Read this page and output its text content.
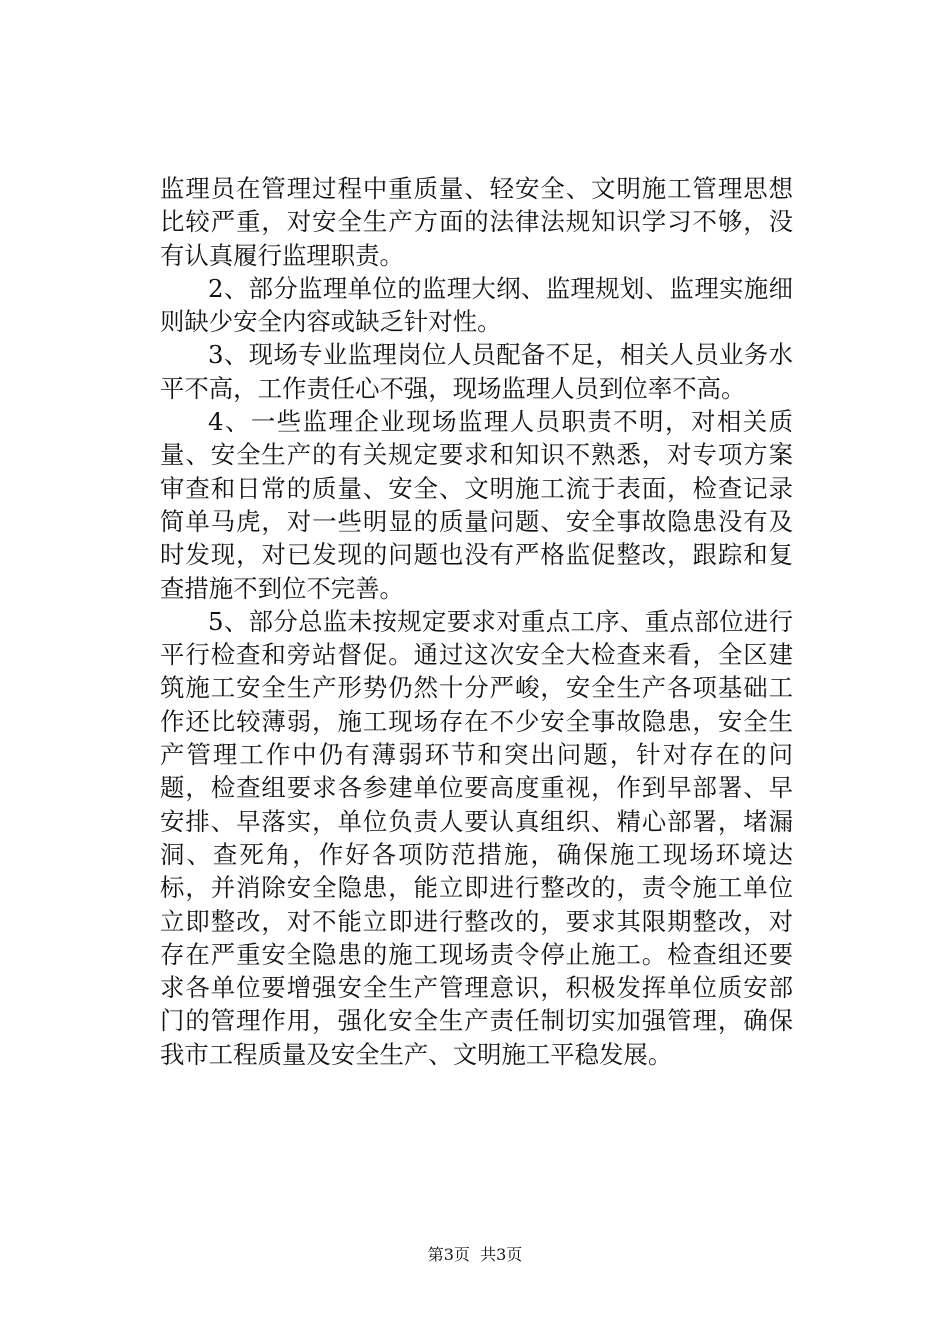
监理员在管理过程中重质量、轻安全、文明施工管理思想比较严重，对安全生产方面的法律法规知识学习不够，没有认真履行监理职责。

2、部分监理单位的监理大纲、监理规划、监理实施细则缺少安全内容或缺乏针对性。

3、现场专业监理岗位人员配备不足，相关人员业务水平不高，工作责任心不强，现场监理人员到位率不高。

4、一些监理企业现场监理人员职责不明，对相关质量、安全生产的有关规定要求和知识不熟悉，对专项方案审查和日常的质量、安全、文明施工流于表面，检查记录简单马虎，对一些明显的质量问题、安全事故隐患没有及时发现，对已发现的问题也没有严格监促整改，跟踪和复查措施不到位不完善。

5、部分总监未按规定要求对重点工序、重点部位进行平行检查和旁站督促。通过这次安全大检查来看，全区建筑施工安全生产形势仍然十分严峻，安全生产各项基础工作还比较薄弱，施工现场存在不少安全事故隐患，安全生产管理工作中仍有薄弱环节和突出问题，针对存在的问题，检查组要求各参建单位要高度重视，作到早部署、早安排、早落实，单位负责人要认真组织、精心部署，堵漏洞、查死角，作好各项防范措施，确保施工现场环境达标，并消除安全隐患，能立即进行整改的，责令施工单位立即整改，对不能立即进行整改的，要求其限期整改，对存在严重安全隐患的施工现场责令停止施工。检查组还要求各单位要增强安全生产管理意识，积极发挥单位质安部门的管理作用，强化安全生产责任制切实加强管理，确保我市工程质量及安全生产、文明施工平稳发展。

第3页  共3页
